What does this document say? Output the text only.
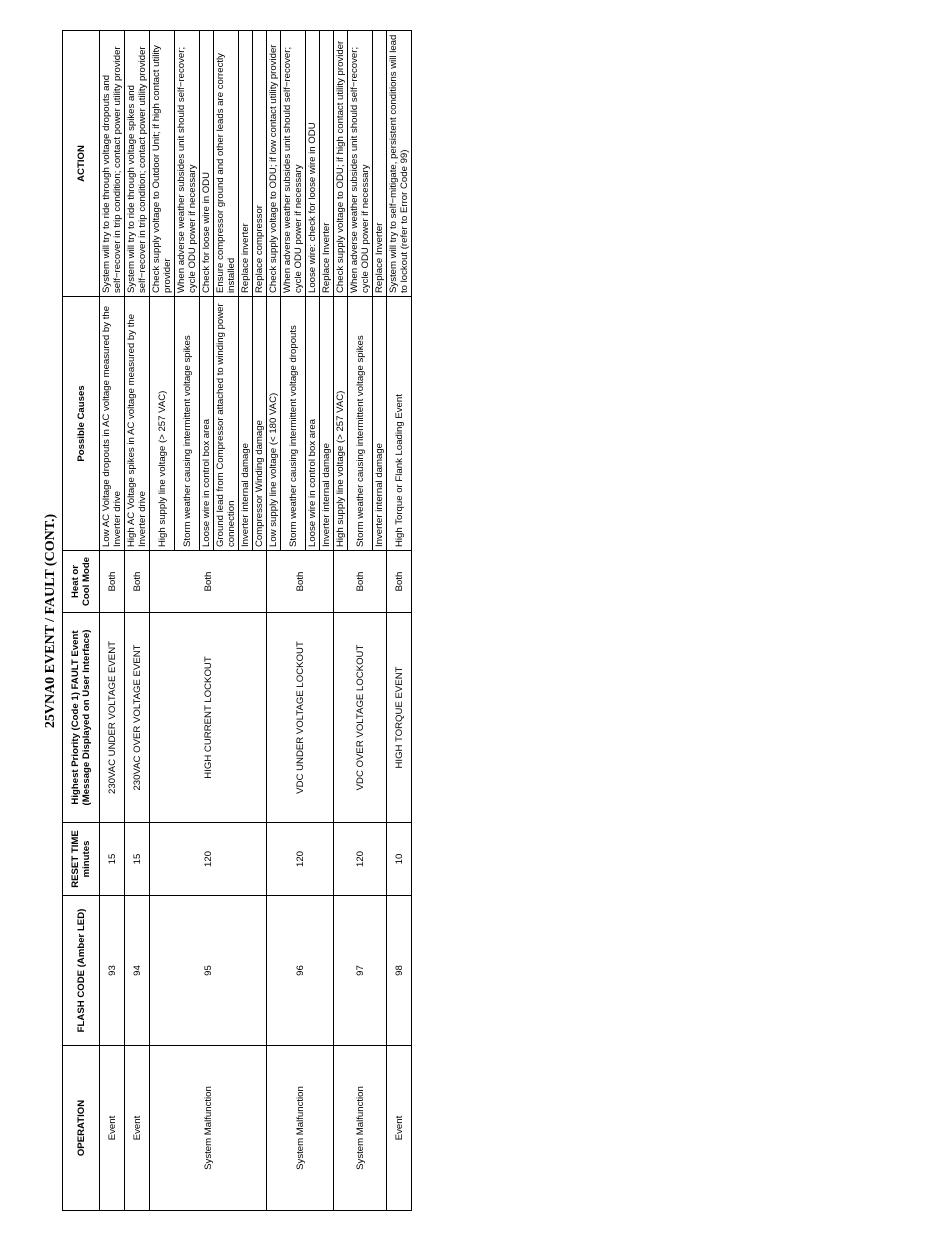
25VNA0 EVENT / FAULT (CONT.)
OPERATION	FLASH CODE (Amber LED)	RESET TIME minutes	Highest Priority (Code 1) FAULT Event (Message Displayed on User Interface)	Heat or Cool Mode	Possible Causes	ACTION
Event	93	15	230VAC UNDER VOLTAGE EVENT	Both	Low AC Voltage dropouts in AC voltage measured by the Inverter drive	System will try to ride through voltage dropouts and self−recover in trip condition; contact power utility provider
Event	94	15	230VAC OVER VOLTAGE EVENT	Both	High AC Voltage spikes in AC voltage measured by the Inverter drive	System will try to ride through voltage spikes and self−recover in trip condition; contact power utility provider
System Malfunction	95	120	HIGH CURRENT LOCKOUT	Both	High supply line voltage (> 257 VAC)	Check supply voltage to Outdoor Unit; if high contact utility provider
					Storm weather causing intermittent voltage spikes	When adverse weather subsides unit should self−recover; cycle ODU power if necessary
					Loose wire in control box area	Check for loose wire in ODU
					Ground lead from Compressor attached to winding power connection	Ensure compressor ground and other leads are correctly installed
					Inverter internal damage	Replace inverter
					Compressor Winding damage	Replace compressor
System Malfunction	96	120	VDC UNDER VOLTAGE LOCKOUT	Both	Low supply line voltage (< 180 VAC)	Check supply voltage to ODU; if low contact utility provider
					Storm weather causing intermittent voltage dropouts	When adverse weather subsides unit should self−recover; cycle ODU power if necessary
					Loose wire in control box area	Loose wire: check for loose wire in ODU
					Inverter internal damage	Replace Inverter
System Malfunction	97	120	VDC OVER VOLTAGE LOCKOUT	Both	High supply line voltage (> 257 VAC)	Check supply voltage to ODU; if high contact utility provider
					Storm weather causing intermittent voltage spikes	When adverse weather subsides unit should self−recover; cycle ODU power if necessary
					Inverter internal damage	Replace Inverter
Event	98	10	HIGH TORQUE EVENT	Both	High Torque or Flank Loading Event	System will try to self−mitigate, persistent conditions will lead to lockout (refer to Error Code 99)
